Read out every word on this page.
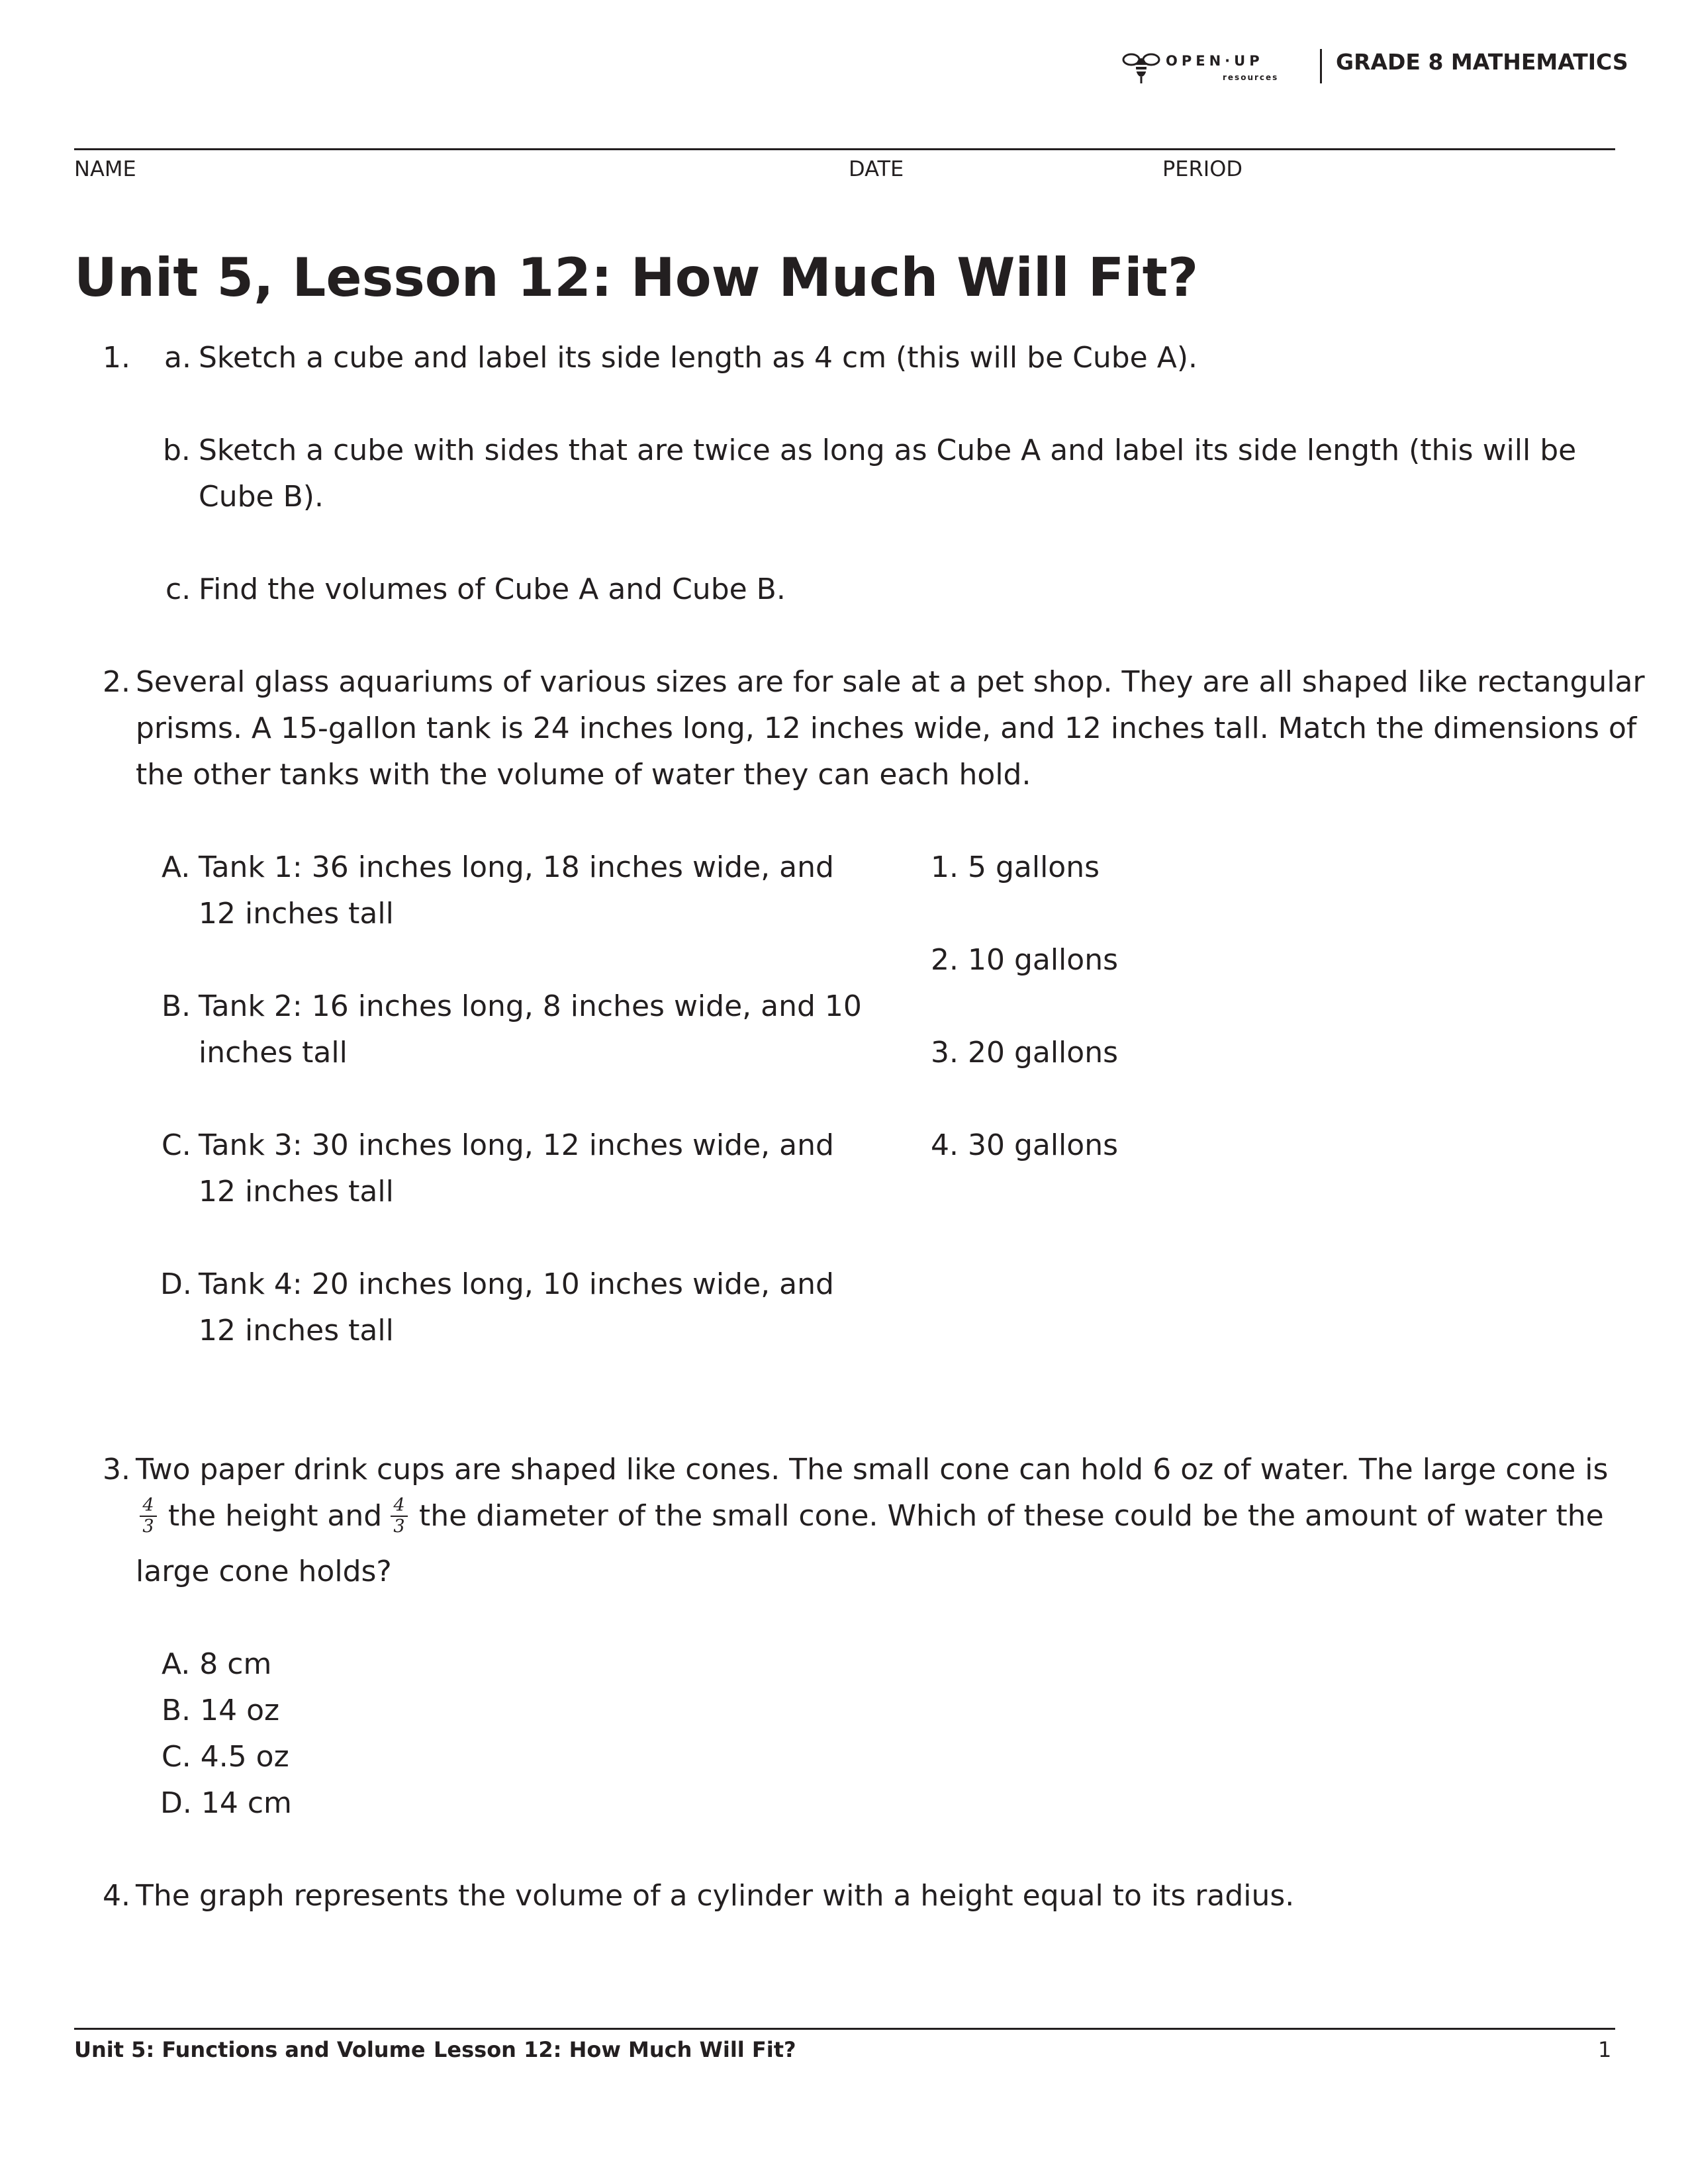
OPEN·UP
resources
GRADE 8 MATHEMATICS
NAME	DATE	PERIOD
Unit 5, Lesson 12: How Much Will Fit?
1. a. Sketch a cube and label its side length as 4 cm (this will be Cube A).
b. Sketch a cube with sides that are twice as long as Cube A and label its side length (this will be
Cube B).
c. Find the volumes of Cube A and Cube B.
2. Several glass aquariums of various sizes are for sale at a pet shop. They are all shaped like rectangular
prisms. A 15-gallon tank is 24 inches long, 12 inches wide, and 12 inches tall. Match the dimensions of
the other tanks with the volume of water they can each hold.
A. Tank 1: 36 inches long, 18 inches wide, and
12 inches tall
B. Tank 2: 16 inches long, 8 inches wide, and 10
inches tall
C. Tank 3: 30 inches long, 12 inches wide, and
12 inches tall
D. Tank 4: 20 inches long, 10 inches wide, and
12 inches tall
1. 5 gallons
2. 10 gallons
3. 20 gallons
4. 30 gallons
3. Two paper drink cups are shaped like cones. The small cone can hold 6 oz of water. The large cone is
$\frac{4}{3}$ the height and $\frac{4}{3}$ the diameter of the small cone. Which of these could be the amount of water the
large cone holds?
A. 8 cm
B. 14 oz
C. 4.5 oz
D. 14 cm
4. The graph represents the volume of a cylinder with a height equal to its radius.
Unit 5: Functions and Volume Lesson 12: How Much Will Fit?	1
